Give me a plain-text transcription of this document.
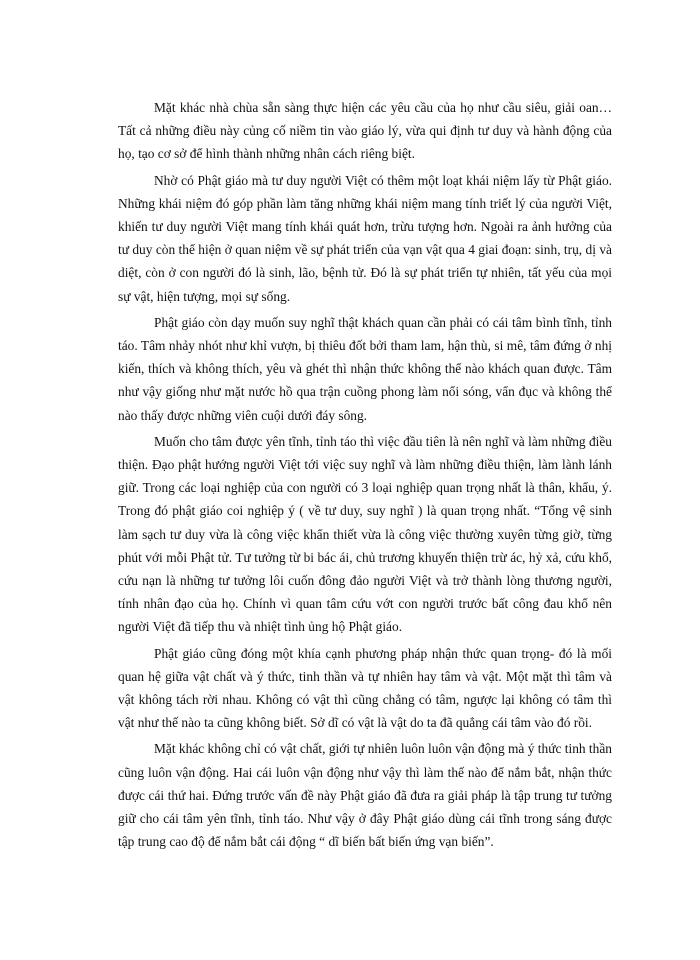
Mặt khác nhà chùa sẵn sàng thực hiện các yêu cầu của họ như cầu siêu, giải oan… Tất cả những điều này củng cố niềm tin vào giáo lý, vừa qui định tư duy và hành động của họ, tạo cơ sở để hình thành những nhân cách riêng biệt.

Nhờ có Phật giáo mà tư duy người Việt có thêm một loạt khái niệm lấy từ Phật giáo. Những khái niệm đó góp phần làm tăng những khái niệm mang tính triết lý của người Việt, khiến tư duy người Việt mang tính khái quát hơn, trừu tượng hơn. Ngoài ra ảnh hưởng của tư duy còn thể hiện ở quan niệm về sự phát triển của vạn vật qua 4 giai đoạn: sinh, trụ, dị và diệt, còn ở con người đó là sinh, lão, bệnh tử. Đó là sự phát triển tự nhiên, tất yếu của mọi sự vật, hiện tượng, mọi sự sống.

Phật giáo còn dạy muốn suy nghĩ thật khách quan cần phải có cái tâm bình tĩnh, tỉnh táo. Tâm nhảy nhót như khỉ vượn, bị thiêu đốt bởi tham lam, hận thù, si mê, tâm đứng ở nhị kiến, thích và không thích, yêu và ghét thì nhận thức không thể nào khách quan được. Tâm như vậy giống như mặt nước hồ qua trận cuồng phong làm nổi sóng, vẩn đục và không thể nào thấy được những viên cuội dưới đáy sông.

Muốn cho tâm được yên tĩnh, tỉnh táo thì việc đầu tiên là nên nghĩ và làm những điều thiện. Đạo phật hướng người Việt tới việc suy nghĩ và làm những điều thiện, làm lành lánh giữ. Trong các loại nghiệp của con người có 3 loại nghiệp quan trọng nhất là thân, khẩu, ý. Trong đó phật giáo coi nghiệp ý ( về tư duy, suy nghĩ ) là quan trọng nhất. “Tổng vệ sinh làm sạch tư duy vừa là công việc khẩn thiết vừa là công việc thường xuyên từng giờ, từng phút với mỗi Phật tử. Tư tưởng từ bi bác ái, chủ trương khuyến thiện trừ ác, hỷ xả, cứu khổ, cứu nạn là những tư tưởng lôi cuốn đông đảo người Việt và trở thành lòng thương người, tính nhân đạo của họ. Chính vì quan tâm cứu vớt con người trước bất công đau khổ nên người Việt đã tiếp thu và nhiệt tình ủng hộ Phật giáo.

Phật giáo cũng đóng một khía cạnh phương pháp nhận thức quan trọng- đó là mối quan hệ giữa vật chất và ý thức, tinh thần và tự nhiên hay tâm và vật. Một mặt thì tâm và vật không tách rời nhau. Không có vật thì cũng chẳng có tâm, ngược lại không có tâm thì vật như thế nào ta cũng không biết. Sở dĩ có vật là vật do ta đã quẳng cái tâm vào đó rồi.

Mặt khác không chỉ có vật chất, giới tự nhiên luôn luôn vận động mà ý thức tinh thần cũng luôn vận động. Hai cái luôn vận động như vậy thì làm thế nào để nắm bắt, nhận thức được cái thứ hai. Đứng trước vấn đề này Phật giáo đã đưa ra giải pháp là tập trung tư tưởng giữ cho cái tâm yên tĩnh, tỉnh táo. Như vậy ở đây Phật giáo dùng cái tĩnh trong sáng được tập trung cao độ để nắm bắt cái động “ dĩ biến bất biến ứng vạn biến”.
